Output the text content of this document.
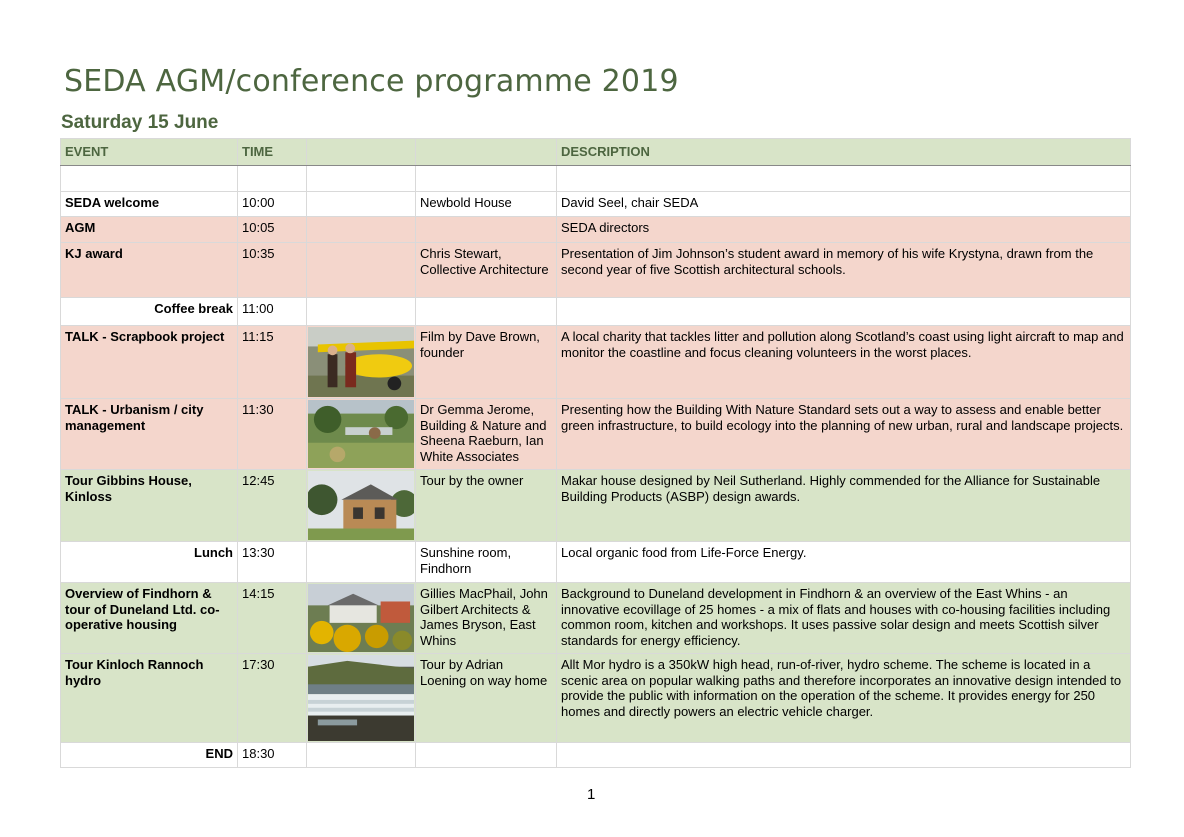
SEDA AGM/conference programme 2019
Saturday 15 June
EVENT	TIME			DESCRIPTION

SEDA welcome	10:00		Newbold House	David Seel, chair SEDA
AGM	10:05			SEDA directors
KJ award	10:35		Chris Stewart, Collective Architecture	Presentation of Jim Johnson’s student award in memory of his wife Krystyna, drawn from the second year of five Scottish architectural schools.
Coffee break	11:00			
TALK - Scrapbook project	11:15		Film by Dave Brown, founder	A local charity that tackles litter and pollution along Scotland’s coast using light aircraft to map and monitor the coastline and focus cleaning volunteers in the worst places.
TALK - Urbanism / city management	11:30		Dr Gemma Jerome, Building & Nature and Sheena Raeburn, Ian White Associates	Presenting how the Building With Nature Standard sets out a way to assess and enable better green infrastructure, to build ecology into the planning of new urban, rural and landscape projects.
Tour Gibbins House, Kinloss	12:45		Tour by the owner	Makar house designed by Neil Sutherland. Highly commended for the Alliance for Sustainable Building Products (ASBP) design awards.
Lunch	13:30		Sunshine room, Findhorn	Local organic food from Life-Force Energy.
Overview of Findhorn & tour of Duneland Ltd. co-operative housing	14:15		Gillies MacPhail, John Gilbert Architects & James Bryson, East Whins	Background to Duneland development in Findhorn & an overview of the East Whins - an innovative ecovillage of 25 homes - a mix of flats and houses with co-housing facilities including common room, kitchen and workshops. It uses passive solar design and meets Scottish silver standards for energy efficiency.
Tour Kinloch Rannoch hydro	17:30		Tour by Adrian Loening on way home	Allt Mor hydro is a 350kW high head, run-of-river, hydro scheme. The scheme is located in a scenic area on popular walking paths and therefore incorporates an innovative design intended to provide the public with information on the operation of the scheme. It provides energy for 250 homes and directly powers an electric vehicle charger.
END	18:30			
1
